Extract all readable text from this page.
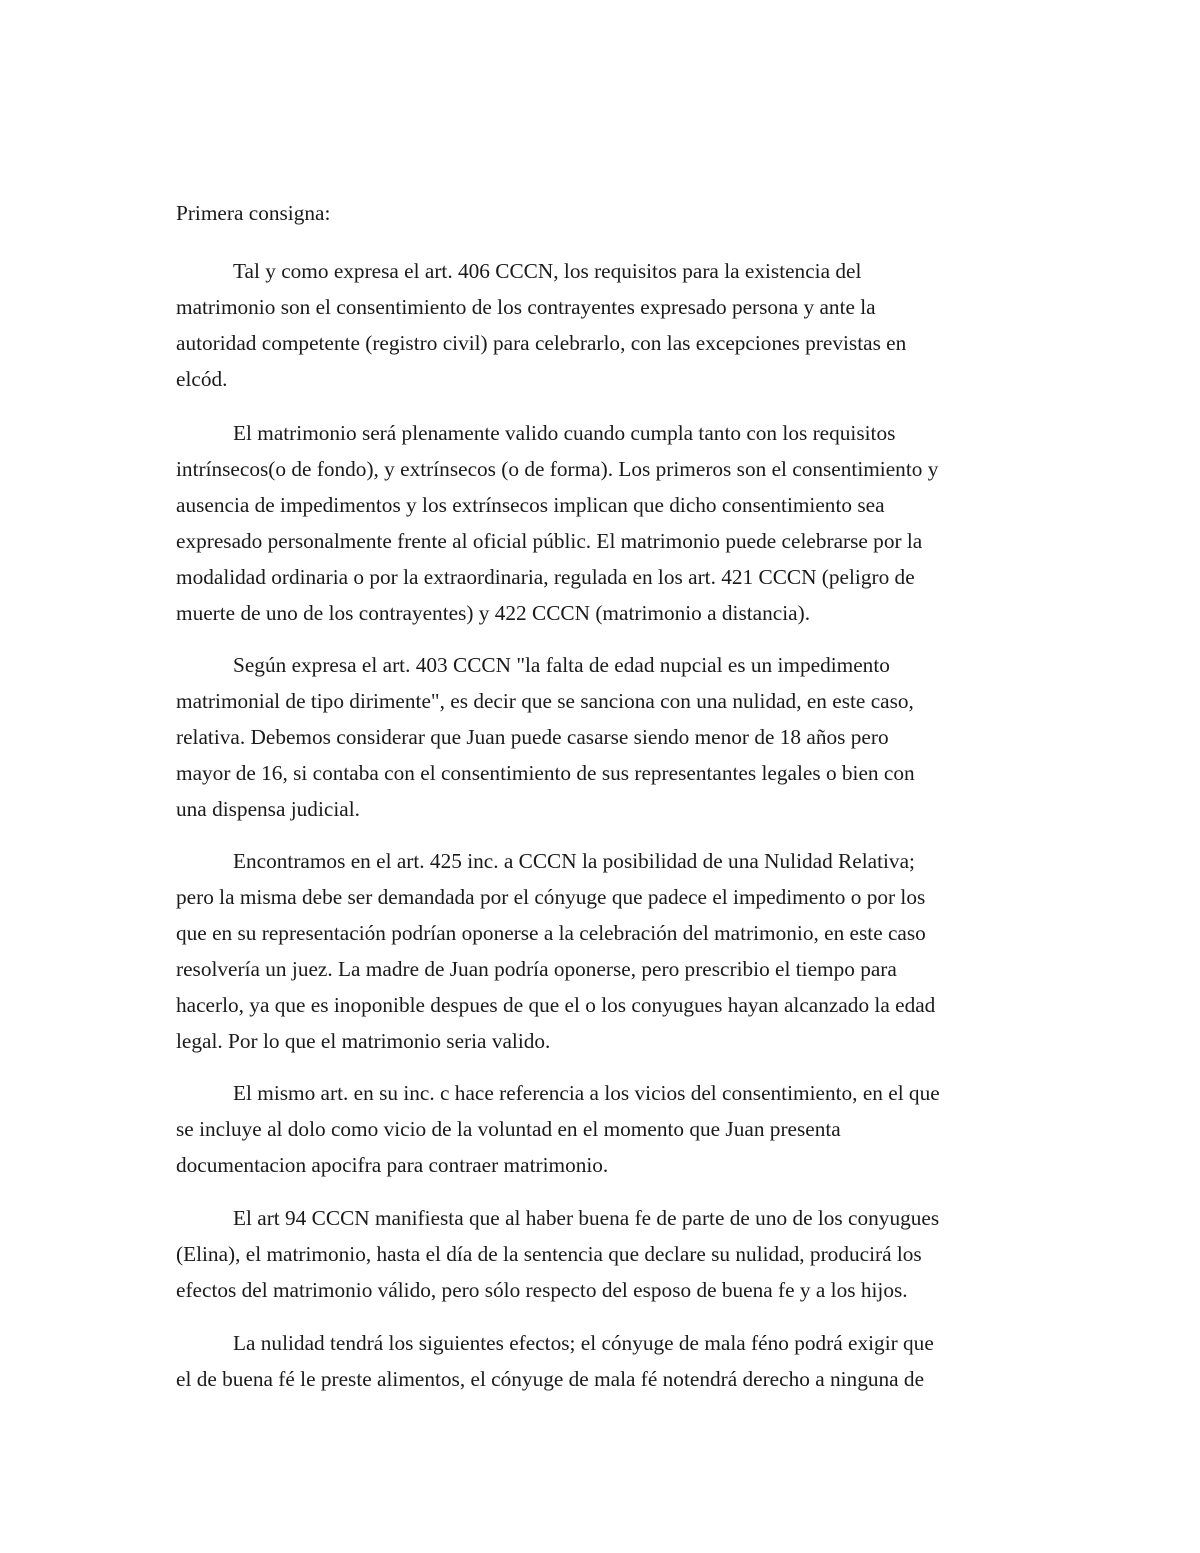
Primera consigna:
Tal y como expresa el art. 406 CCCN, los requisitos para la existencia del
matrimonio son el consentimiento de los contrayentes expresado persona y ante la
autoridad competente (registro civil) para celebrarlo, con las excepciones previstas en
elcód.
El matrimonio será plenamente valido cuando cumpla tanto con los requisitos
intrínsecos(o de fondo), y extrínsecos (o de forma). Los primeros son el consentimiento y
ausencia de impedimentos y los extrínsecos implican que dicho consentimiento sea
expresado personalmente frente al oficial públic. El matrimonio puede celebrarse por la
modalidad ordinaria o por la extraordinaria, regulada en los art. 421 CCCN (peligro de
muerte de uno de los contrayentes) y 422 CCCN (matrimonio a distancia).
Según expresa el art. 403 CCCN "la falta de edad nupcial es un impedimento
matrimonial de tipo dirimente", es decir que se sanciona con una nulidad, en este caso,
relativa. Debemos considerar que Juan puede casarse siendo menor de 18 años pero
mayor de 16, si contaba con el consentimiento de sus representantes legales o bien con
una dispensa judicial.
Encontramos en el art. 425 inc. a CCCN la posibilidad de una Nulidad Relativa;
pero la misma debe ser demandada por el cónyuge que padece el impedimento o por los
que en su representación podrían oponerse a la celebración del matrimonio, en este caso
resolvería un juez. La madre de Juan podría oponerse, pero prescribio el tiempo para
hacerlo, ya que es inoponible despues de que el o los conyugues hayan alcanzado la edad
legal. Por lo que el matrimonio seria valido.
El mismo art. en su inc. c hace referencia a los vicios del consentimiento, en el que
se incluye al dolo como vicio de la voluntad en el momento que Juan presenta
documentacion apocifra para contraer matrimonio.
El art 94 CCCN manifiesta que al haber buena fe de parte de uno de los conyugues
(Elina), el matrimonio, hasta el día de la sentencia que declare su nulidad, producirá los
efectos del matrimonio válido, pero sólo respecto del esposo de buena fe y a los hijos.
La nulidad tendrá los siguientes efectos; el cónyuge de mala féno podrá exigir que
el de buena fé le preste alimentos, el cónyuge de mala fé notendrá derecho a ninguna de
